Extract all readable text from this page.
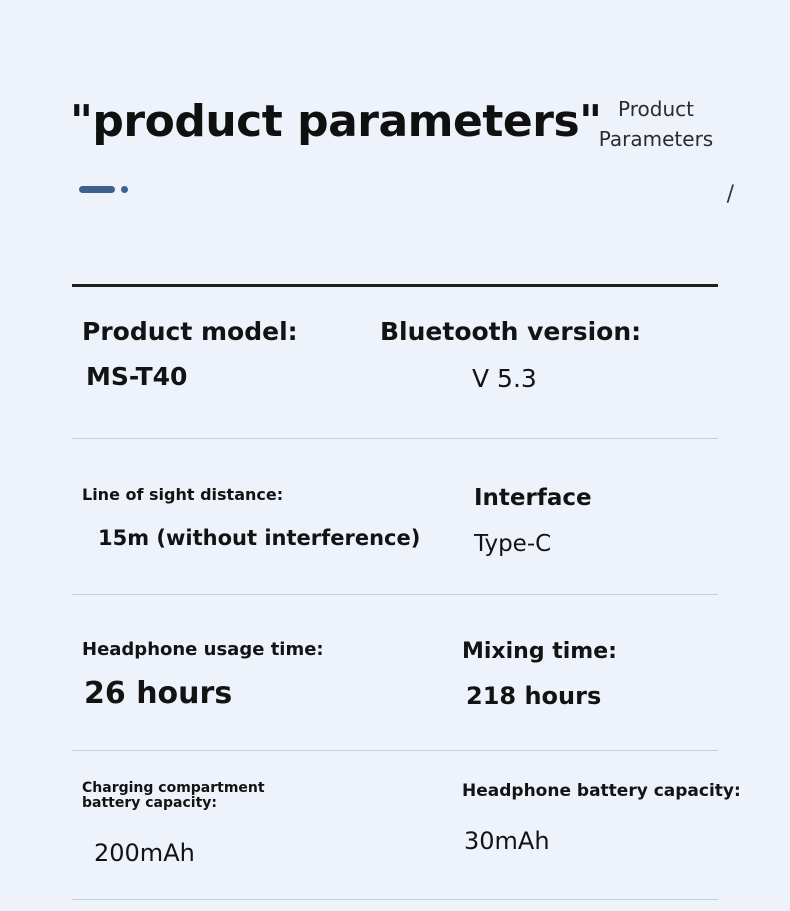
"product parameters" Product
Parameters
/
Product model:
MS-T40
Bluetooth version:
V 5.3
Line of sight distance:
15m (without interference)
Interface
Type-C
Headphone usage time:
26 hours
Mixing time:
218 hours
Charging compartment battery capacity:
200mAh
Headphone battery capacity:
30mAh
